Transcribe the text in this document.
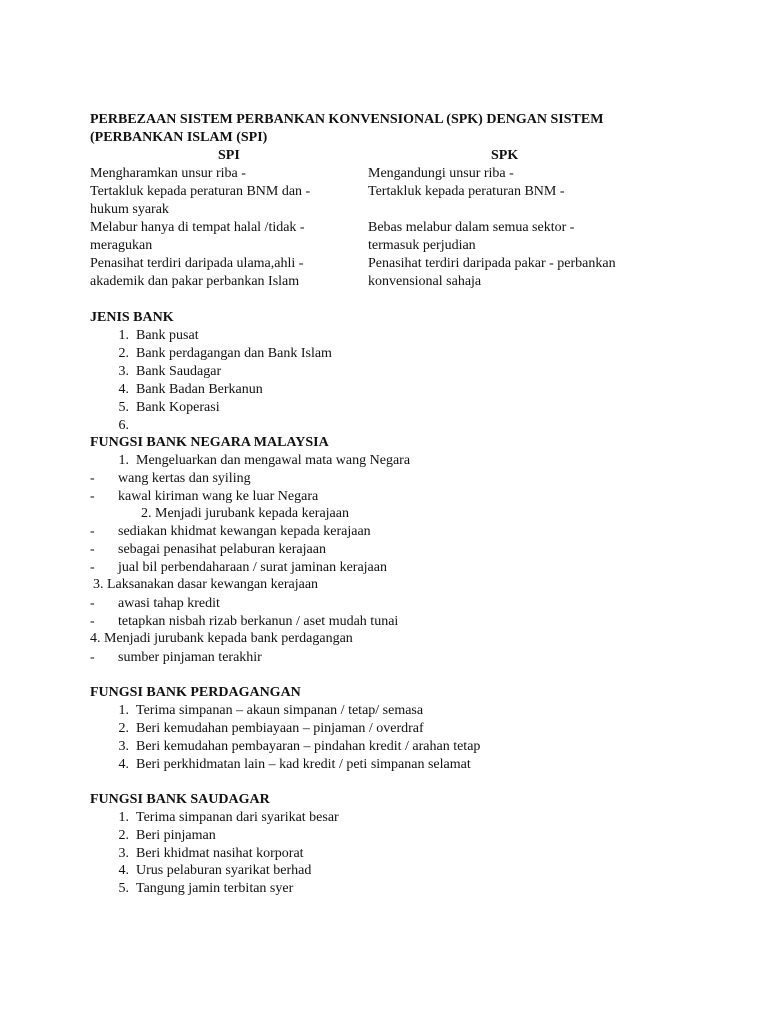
PERBEZAAN SISTEM PERBANKAN KONVENSIONAL (SPK) DENGAN SISTEM (PERBANKAN ISLAM (SPI)
SPI	SPK
Mengharamkan unsur riba -	Mengandungi unsur riba -
Tertakluk kepada peraturan BNM dan - hukum syarak
Tertakluk kepada peraturan BNM -
Melabur hanya di tempat halal /tidak - meragukan
Bebas melabur dalam semua sektor - termasuk perjudian
Penasihat terdiri daripada ulama,ahli - akademik dan pakar perbankan Islam
Penasihat terdiri daripada pakar - perbankan konvensional sahaja
JENIS BANK
1. Bank pusat
2. Bank perdagangan dan Bank Islam
3. Bank Saudagar
4. Bank Badan Berkanun
5. Bank Koperasi
6.
FUNGSI BANK NEGARA MALAYSIA
1. Mengeluarkan dan mengawal mata wang Negara
- wang kertas dan syiling
- kawal kiriman wang ke luar Negara
2. Menjadi jurubank kepada kerajaan
- sediakan khidmat kewangan kepada kerajaan
- sebagai penasihat pelaburan kerajaan
- jual bil perbendaharaan / surat jaminan kerajaan
3. Laksanakan dasar kewangan kerajaan
- awasi tahap kredit
- tetapkan nisbah rizab berkanun / aset mudah tunai
4. Menjadi jurubank kepada bank perdagangan
- sumber pinjaman terakhir
FUNGSI BANK PERDAGANGAN
1. Terima simpanan – akaun simpanan / tetap/ semasa
2. Beri kemudahan pembiayaan – pinjaman / overdraf
3. Beri kemudahan pembayaran – pindahan kredit / arahan tetap
4. Beri perkhidmatan lain – kad kredit / peti simpanan selamat
FUNGSI BANK SAUDAGAR
1. Terima simpanan dari syarikat besar
2. Beri pinjaman
3. Beri khidmat nasihat korporat
4. Urus pelaburan syarikat berhad
5. Tangung jamin terbitan syer
